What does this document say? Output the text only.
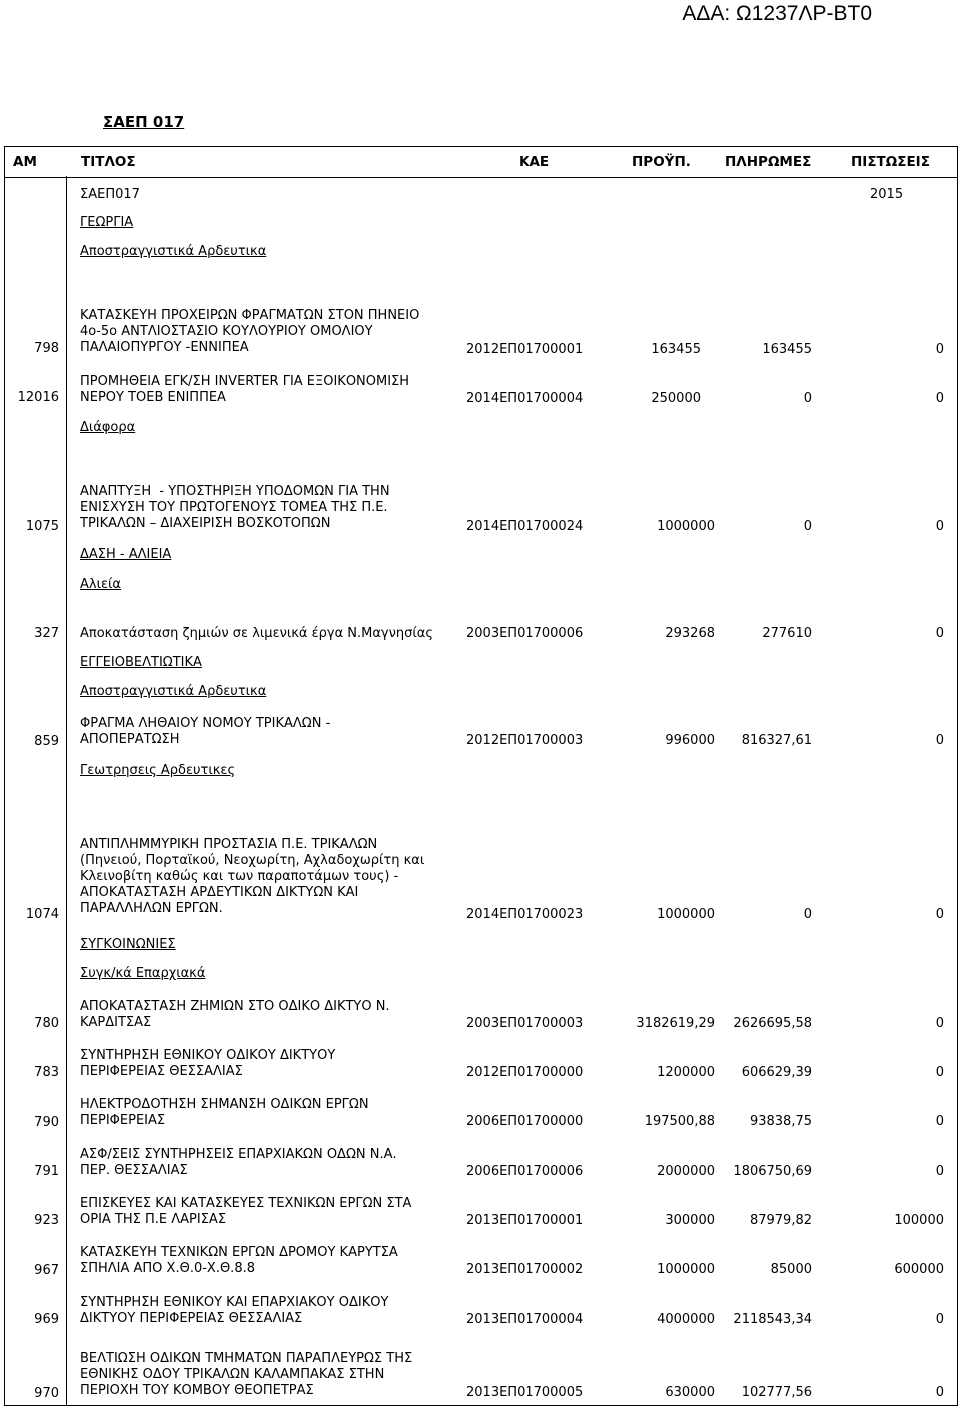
ΑΔΑ: Ω1237ΛΡ-ΒΤ0
ΣΑΕΠ 017
ΑΜ	ΤΙΤΛΟΣ	ΚΑΕ	ΠΡΟΫΠ.	ΠΛΗΡΩΜΕΣ	ΠΙΣΤΩΣΕΙΣ
ΣΑΕΠ017	2015
ΓΕΩΡΓΙΑ
Αποστραγγιστικά Αρδευτικα
798
ΚΑΤΑΣΚΕΥΗ ΠΡΟΧΕΙΡΩΝ ΦΡΑΓΜΑΤΩΝ ΣΤΟΝ ΠΗΝΕΙΟ
4ο-5ο ΑΝΤΛΙΟΣΤΑΣΙΟ ΚΟΥΛΟΥΡΙΟΥ ΟΜΟΛΙΟΥ
ΠΑΛΑΙΟΠΥΡΓΟΥ -ΕΝΝΙΠΕΑ	2012ΕΠ01700001	163455	163455	0
12016
ΠΡΟΜΗΘΕΙΑ ΕΓΚ/ΣΗ INVERTER ΓΙΑ ΕΞΟΙΚΟΝΟΜΙΣΗ
ΝΕΡΟΥ ΤΟΕΒ ΕΝΙΠΠΕΑ	2014ΕΠ01700004	250000	0	0
Διάφορα
1075
ΑΝΑΠΤΥΞΗ  - ΥΠΟΣΤΗΡΙΞΗ ΥΠΟΔΟΜΩΝ ΓΙΑ ΤΗΝ
ΕΝΙΣΧΥΣΗ ΤΟΥ ΠΡΩΤΟΓΕΝΟΥΣ ΤΟΜΕΑ ΤΗΣ Π.Ε.
ΤΡΙΚΑΛΩΝ – ΔΙΑΧΕΙΡΙΣΗ ΒΟΣΚΟΤΟΠΩΝ	2014ΕΠ01700024	1000000	0	0
ΔΑΣΗ - ΑΛΙΕΙΑ
Αλιεία
327 Αποκατάσταση ζημιών σε λιμενικά έργα Ν.Μαγνησίας	2003ΕΠ01700006	293268	277610	0
ΕΓΓΕΙΟΒΕΛΤΙΩΤΙΚΑ
Αποστραγγιστικά Αρδευτικα
859
ΦΡΑΓΜΑ ΛΗΘΑΙΟΥ ΝΟΜΟΥ ΤΡΙΚΑΛΩΝ -
ΑΠΟΠΕΡΑΤΩΣΗ	2012ΕΠ01700003	996000 816327,61	0
Γεωτρησεις Αρδευτικες
1074
ΑΝΤΙΠΛΗΜΜΥΡΙΚΗ ΠΡΟΣΤΑΣΙΑ Π.Ε. ΤΡΙΚΑΛΩΝ
(Πηνειού, Πορταϊκού, Νεοχωρίτη, Αχλαδοχωρίτη και
Κλεινοβίτη καθώς και των παραποτάμων τους) -
ΑΠΟΚΑΤΑΣΤΑΣΗ ΑΡΔΕΥΤΙΚΩΝ ΔΙΚΤΥΩΝ ΚΑΙ
ΠΑΡΑΛΛΗΛΩΝ ΕΡΓΩΝ.	2014ΕΠ01700023	1000000	0	0
ΣΥΓΚΟΙΝΩΝΙΕΣ
Συγκ/κά Επαρχιακά
780
ΑΠΟΚΑΤΑΣΤΑΣΗ ΖΗΜΙΩΝ ΣΤΟ ΟΔΙΚΟ ΔΙΚΤΥΟ Ν.
ΚΑΡΔΙΤΣΑΣ	2003ΕΠ01700003	3182619,29 2626695,58	0
783
ΣΥΝΤΗΡΗΣΗ ΕΘΝΙΚΟΥ ΟΔΙΚΟΥ ΔΙΚΤΥΟΥ
ΠΕΡΙΦΕΡΕΙΑΣ ΘΕΣΣΑΛΙΑΣ	2012ΕΠ01700000	1200000 606629,39	0
790
ΗΛΕΚΤΡΟΔΟΤΗΣΗ ΣΗΜΑΝΣΗ ΟΔΙΚΩΝ ΕΡΓΩΝ
ΠΕΡΙΦΕΡΕΙΑΣ	2006ΕΠ01700000	197500,88	93838,75	0
791
ΑΣΦ/ΣΕΙΣ ΣΥΝΤΗΡΗΣΕΙΣ ΕΠΑΡΧΙΑΚΩΝ ΟΔΩΝ Ν.Α.
ΠΕΡ. ΘΕΣΣΑΛΙΑΣ	2006ΕΠ01700006	2000000 1806750,69	0
923
ΕΠΙΣΚΕΥΕΣ ΚΑΙ ΚΑΤΑΣΚΕΥΕΣ ΤΕΧΝΙΚΩΝ ΕΡΓΩΝ ΣΤΑ
ΟΡΙΑ ΤΗΣ Π.Ε ΛΑΡΙΣΑΣ	2013ΕΠ01700001	300000	87979,82	100000
967
ΚΑΤΑΣΚΕΥΗ ΤΕΧΝΙΚΩΝ ΕΡΓΩΝ ΔΡΟΜΟΥ ΚΑΡΥΤΣΑ
ΣΠΗΛΙΑ ΑΠΟ Χ.Θ.0-Χ.Θ.8.8	2013ΕΠ01700002	1000000	85000	600000
969
ΣΥΝΤΗΡΗΣΗ ΕΘΝΙΚΟΥ ΚΑΙ ΕΠΑΡΧΙΑΚΟΥ ΟΔΙΚΟΥ
ΔΙΚΤΥΟΥ ΠΕΡΙΦΕΡΕΙΑΣ ΘΕΣΣΑΛΙΑΣ	2013ΕΠ01700004	4000000 2118543,34	0
970
ΒΕΛΤΙΩΣΗ ΟΔΙΚΩΝ ΤΜΗΜΑΤΩΝ ΠΑΡΑΠΛΕΥΡΩΣ ΤΗΣ
ΕΘΝΙΚΗΣ ΟΔΟΥ ΤΡΙΚΑΛΩΝ ΚΑΛΑΜΠΑΚΑΣ ΣΤΗΝ
ΠΕΡΙΟΧΗ ΤΟΥ ΚΟΜΒΟΥ ΘΕΟΠΕΤΡΑΣ	2013ΕΠ01700005	630000 102777,56	0
